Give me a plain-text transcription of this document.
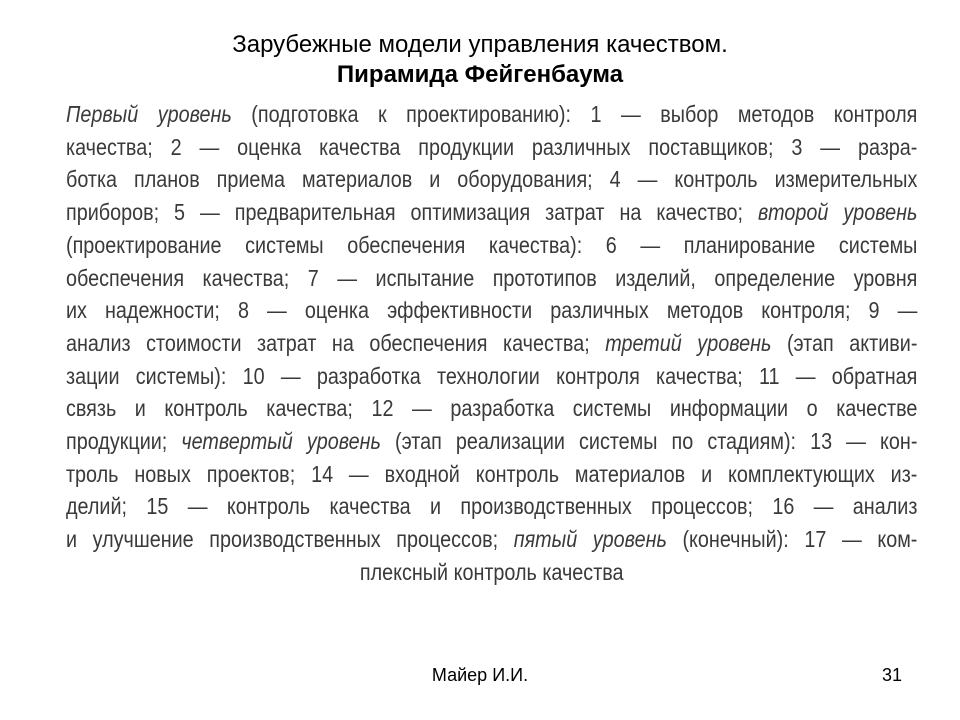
Зарубежные модели управления качеством.
Пирамида Фейгенбаума
Первый уровень (подготовка к проектированию): 1 — выбор методов контроля
качества; 2 — оценка качества продукции различных поставщиков; 3 — разра-
ботка планов приема материалов и оборудования; 4 — контроль измерительных
приборов; 5 — предварительная оптимизация затрат на качество; второй уровень
(проектирование системы обеспечения качества): 6 — планирование системы
обеспечения качества; 7 — испытание прототипов изделий, определение уровня
их надежности; 8 — оценка эффективности различных методов контроля; 9 —
анализ стоимости затрат на обеспечения качества; третий уровень (этап активи-
зации системы): 10 — разработка технологии контроля качества; 11 — обратная
связь и контроль качества; 12 — разработка системы информации о качестве
продукции; четвертый уровень (этап реализации системы по стадиям): 13 — кон-
троль новых проектов; 14 — входной контроль материалов и комплектующих из-
делий; 15 — контроль качества и производственных процессов; 16 — анализ
и улучшение производственных процессов; пятый уровень (конечный): 17 — ком-
плексный контроль качества
Майер И.И.	31
